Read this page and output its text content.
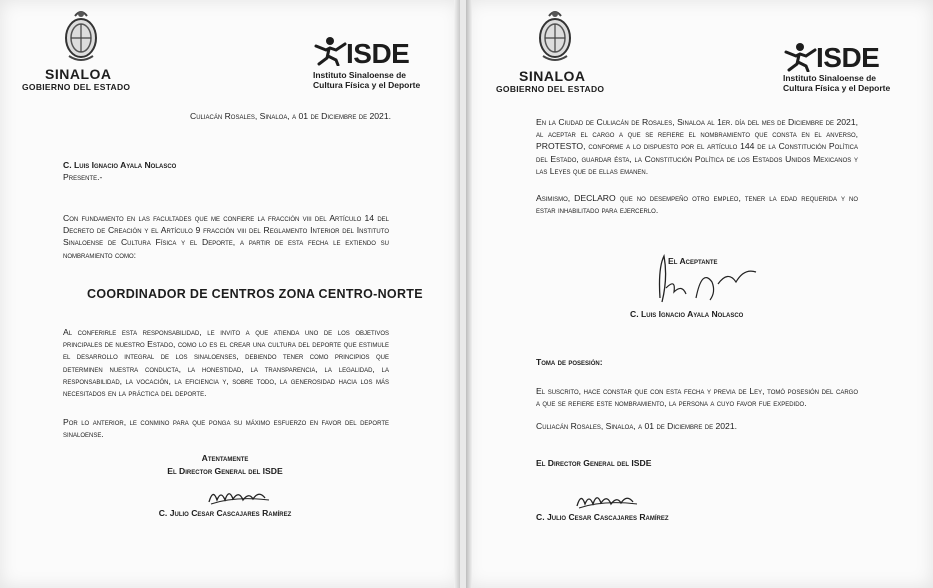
SINALOA
GOBIERNO DEL ESTADO
ISDE
Instituto Sinaloense de
Cultura Física y el Deporte
Culiacán Rosales, Sinaloa, a 01 de Diciembre de 2021.
C. Luis Ignacio Ayala Nolasco
Presente.-
Con fundamento en las facultades que me confiere la fracción viii del Artículo 14 del Decreto de Creación y el Artículo 9 fracción viii del Reglamento Interior del Instituto Sinaloense de Cultura Física y el Deporte, a partir de esta fecha le extiendo su nombramiento como:
COORDINADOR DE CENTROS ZONA CENTRO-NORTE
Al conferirle esta responsabilidad, le invito a que atienda uno de los objetivos principales de nuestro Estado, como lo es el crear una cultura del deporte que estimule el desarrollo integral de los sinaloenses, debiendo tener como principios que determinen nuestra conducta, la honestidad, la transparencia, la legalidad, la responsabilidad, la vocación, la eficiencia y, sobre todo, la generosidad hacia los más necesitados en la práctica del deporte.
Por lo anterior, le conmino para que ponga su máximo esfuerzo en favor del deporte sinaloense.
Atentamente
El Director General del ISDE
C. Julio Cesar Cascajares Ramírez
SINALOA
GOBIERNO DEL ESTADO
ISDE
Instituto Sinaloense de
Cultura Física y el Deporte
En la Ciudad de Culiacán de Rosales, Sinaloa al 1er. día del mes de Diciembre de 2021, al aceptar el cargo a que se refiere el nombramiento que consta en el anverso, PROTESTO, conforme a lo dispuesto por el artículo 144 de la Constitución Política del Estado, guardar ésta, la Constitución Política de los Estados Unidos Mexicanos y las Leyes que de ellas emanen.
Asimismo, DECLARO que no desempeño otro empleo, tener la edad requerida y no estar inhabilitado para ejercerlo.
El Aceptante
C. Luis Ignacio Ayala Nolasco
Toma de posesión:
El suscrito, hace constar que con esta fecha y previa de Ley, tomó posesión del cargo a que se refiere este nombramiento, la persona a cuyo favor fue expedido.
Culiacán Rosales, Sinaloa, a 01 de Diciembre de 2021.
El Director General del ISDE
C. Julio Cesar Cascajares Ramírez
